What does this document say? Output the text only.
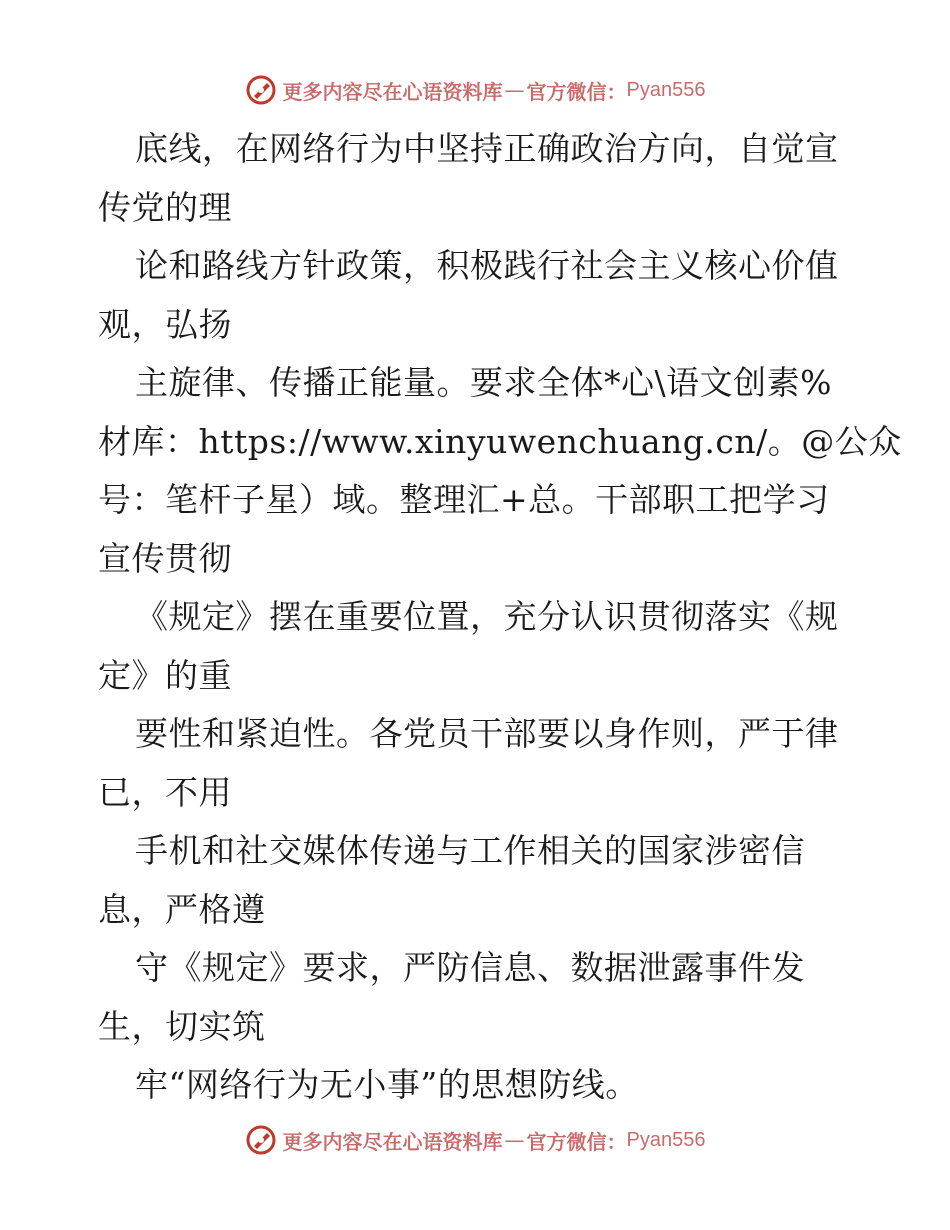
更多内容尽在心语资料库 — 官方微信： Pyan556
底线，在网络行为中坚持正确政治方向，自觉宣
传党的理
论和路线方针政策，积极践行社会主义核心价值
观，弘扬
主旋律、传播正能量。要求全体*心\语文创素%
材库：https://www.xinyuwenchuang.cn/。@公众
号：笔杆子星）域。整理汇+总。干部职工把学习
宣传贯彻
《规定》摆在重要位置，充分认识贯彻落实《规
定》的重
要性和紧迫性。各党员干部要以身作则，严于律
已，不用
手机和社交媒体传递与工作相关的国家涉密信
息，严格遵
守《规定》要求，严防信息、数据泄露事件发
生，切实筑
牢“网络行为无小事”的思想防线。
更多内容尽在心语资料库 — 官方微信： Pyan556
